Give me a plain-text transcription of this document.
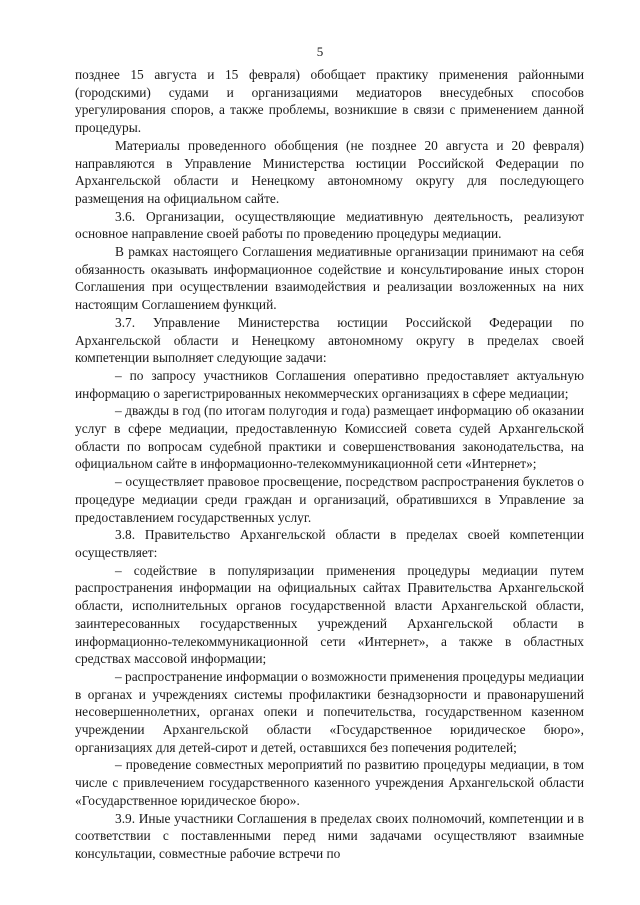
5

позднее 15 августа и 15 февраля) обобщает практику применения районными (городскими) судами и организациями медиаторов внесудебных способов урегулирования споров, а также проблемы, возникшие в связи с применением данной процедуры.

Материалы проведенного обобщения (не позднее 20 августа и 20 февраля) направляются в Управление Министерства юстиции Российской Федерации по Архангельской области и Ненецкому автономному округу для последующего размещения на официальном сайте.

3.6. Организации, осуществляющие медиативную деятельность, реализуют основное направление своей работы по проведению процедуры медиации.

В рамках настоящего Соглашения медиативные организации принимают на себя обязанность оказывать информационное содействие и консультирование иных сторон Соглашения при осуществлении взаимодействия и реализации возложенных на них настоящим Соглашением функций.

3.7. Управление Министерства юстиции Российской Федерации по Архангельской области и Ненецкому автономному округу в пределах своей компетенции выполняет следующие задачи:

– по запросу участников Соглашения оперативно предоставляет актуальную информацию о зарегистрированных некоммерческих организациях в сфере медиации;

– дважды в год (по итогам полугодия и года) размещает информацию об оказании услуг в сфере медиации, предоставленную Комиссией совета судей Архангельской области по вопросам судебной практики и совершенствования законодательства, на официальном сайте в информационно-телекоммуникационной сети «Интернет»;

– осуществляет правовое просвещение, посредством распространения буклетов о процедуре медиации среди граждан и организаций, обратившихся в Управление за предоставлением государственных услуг.

3.8. Правительство Архангельской области в пределах своей компетенции осуществляет:

– содействие в популяризации применения процедуры медиации путем распространения информации на официальных сайтах Правительства Архангельской области, исполнительных органов государственной власти Архангельской области, заинтересованных государственных учреждений Архангельской области в информационно-телекоммуникационной сети «Интернет», а также в областных средствах массовой информации;

– распространение информации о возможности применения процедуры медиации в органах и учреждениях системы профилактики безнадзорности и правонарушений несовершеннолетних, органах опеки и попечительства, государственном казенном учреждении Архангельской области «Государственное юридическое бюро», организациях для детей-сирот и детей, оставшихся без попечения родителей;

– проведение совместных мероприятий по развитию процедуры медиации, в том числе с привлечением государственного казенного учреждения Архангельской области «Государственное юридическое бюро».

3.9. Иные участники Соглашения в пределах своих полномочий, компетенции и в соответствии с поставленными перед ними задачами осуществляют взаимные консультации, совместные рабочие встречи по
